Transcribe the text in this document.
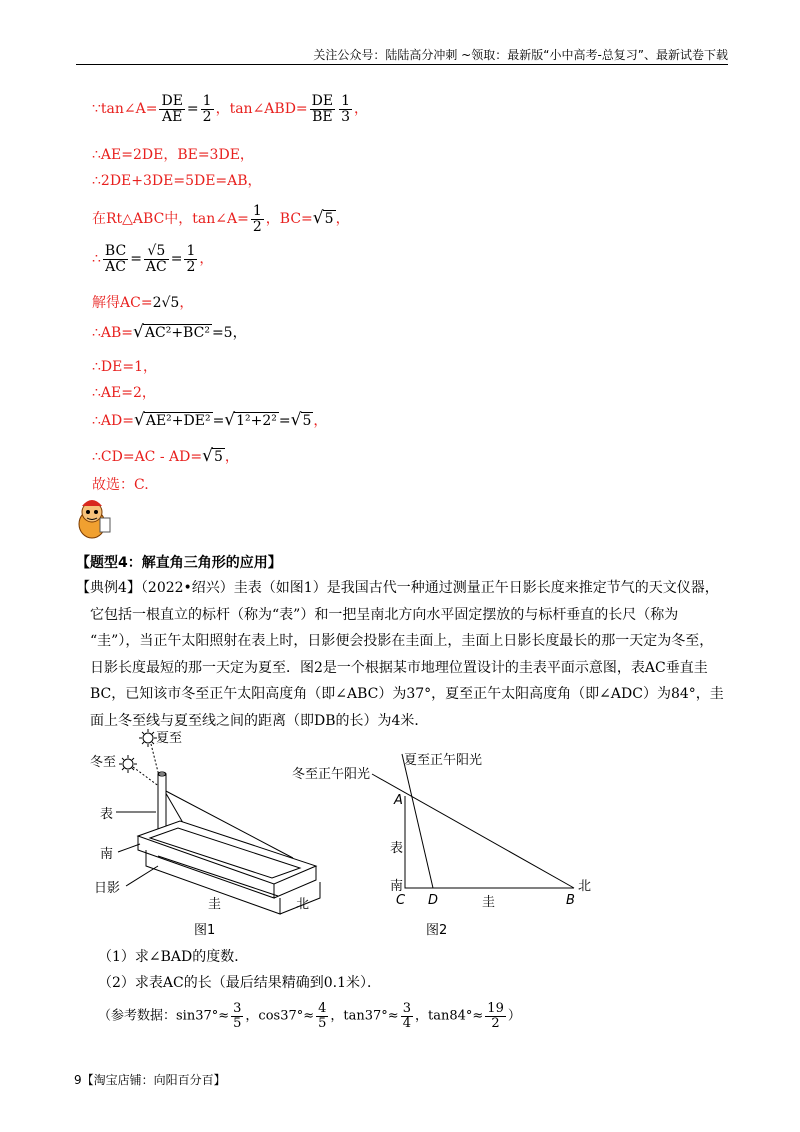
关注公众号：陆陆高分冲刺 ~领取：最新版“小中高考-总复习”、最新试卷下载
∵tan∠A= $\frac{DE}{AE} = \frac{1}{2}$ ，tan∠ABD= $\frac{DE}{BE} \frac{1}{3}$ ，
∴AE=2DE，BE=3DE，
∴2DE+3DE=5DE=AB，
在Rt△ABC中，tan∠A= $\frac{1}{2}$ ，BC=√5 ，
∴ $\frac{BC}{AC} = \frac{√5}{AC} = \frac{1}{2}$ ，
解得AC=2√5，
∴AB=√AC²+BC² =5，
∴DE=1，
∴AE=2，
∴AD=√AE²+DE² =√1²+2² =√5 ，
∴CD=AC - AD=√5 ，
故选：C.
【题型4：解直角三角形的应用】
【典例4】（2022•绍兴）圭表（如图1）是我国古代一种通过测量正午日影长度来推定节气的天文仪器，
它包括一根直立的标杆（称为“表”）和一把呈南北方向水平固定摆放的与标杆垂直的长尺（称为
“圭”），当正午太阳照射在表上时，日影便会投影在圭面上，圭面上日影长度最长的那一天定为冬至，
日影长度最短的那一天定为夏至．图2是一个根据某市地理位置设计的圭表平面示意图，表AC垂直圭
BC，已知该市冬至正午太阳高度角（即∠ABC）为37°，夏至正午太阳高度角（即∠ADC）为84°，圭
面上冬至线与夏至线之间的距离（即DB的长）为4米．
夏至
冬至
表
南
日影
圭	北
图1
冬至正午阳光
夏至正午阳光
A
表
南
C D	圭
北
B
图2
（1）求∠BAD的度数．
（2）求表AC的长（最后结果精确到0.1米）．
（参考数据：$\sin 37^\circ\approx \frac{3}{5}$ ，$\cos 37^\circ\approx \frac{4}{5}$ ，$\tan 37^\circ\approx \frac{3}{4}$ ，$\tan 84^\circ\approx \frac{19}{2}$ ）
9【淘宝店铺：向阳百分百】
